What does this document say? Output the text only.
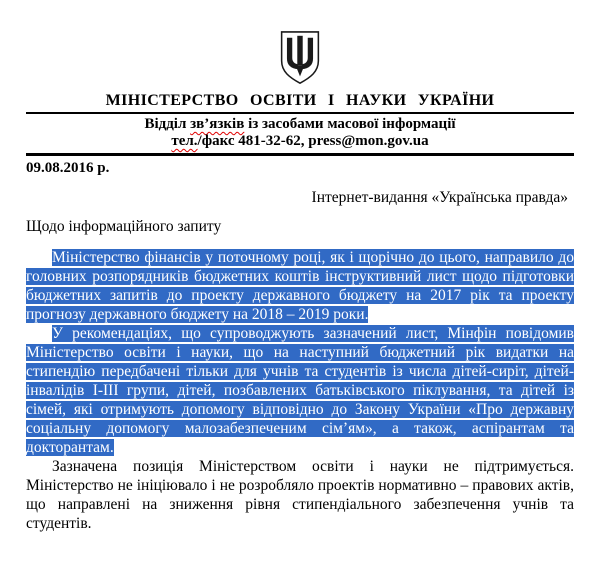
МІНІСТЕРСТВО ОСВІТИ І НАУКИ УКРАЇНИ
Відділ зв’язків із засобами масової інформації
тел./факс 481-32-62, press@mon.gov.ua
09.08.2016 р.
Інтернет-видання «Українська правда»
Щодо інформаційного запиту

Міністерство фінансів у поточному році, як і щорічно до цього, направило до головних розпорядників бюджетних коштів інструктивний лист щодо підготовки бюджетних запитів до проекту державного бюджету на 2017 рік та проекту прогнозу державного бюджету на 2018 – 2019 роки.

У рекомендаціях, що супроводжують зазначений лист, Мінфін повідомив Міністерство освіти і науки, що на наступний бюджетний рік видатки на стипендію передбачені тільки для учнів та студентів із числа дітей-сиріт, дітей-інвалідів І-ІІІ групи, дітей, позбавлених батьківського піклування, та дітей із сімей, які отримують допомогу відповідно до Закону України «Про державну соціальну допомогу малозабезпеченим сім’ям», а також, аспірантам та докторантам.

Зазначена позиція Міністерством освіти і науки не підтримується. Міністерство не ініціювало і не розробляло проектів нормативно – правових актів, що направлені на зниження рівня стипендіального забезпечення учнів та студентів.
